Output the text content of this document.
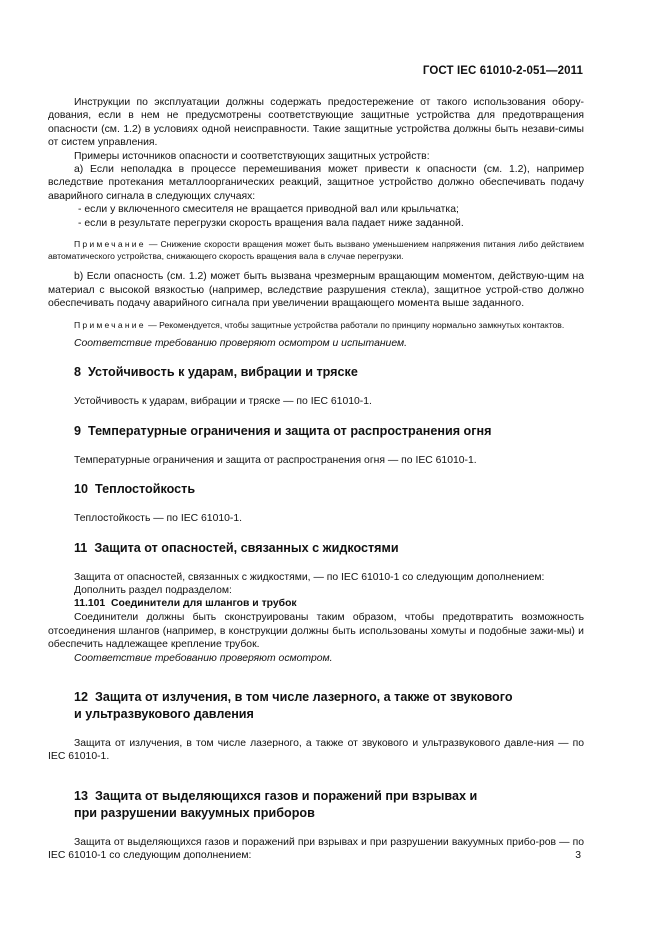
ГОСТ IEC 61010-2-051—2011

Инструкции по эксплуатации должны содержать предостережение от такого использования обору-дования, если в нем не предусмотрены соответствующие защитные устройства для предотвращения опасности (см. 1.2) в условиях одной неисправности. Такие защитные устройства должны быть незави-симы от систем управления.

Примеры источников опасности и соответствующих защитных устройств:

а) Если неполадка в процессе перемешивания может привести к опасности (см. 1.2), например вследствие протекания металлоорганических реакций, защитное устройство должно обеспечивать подачу аварийного сигнала в следующих случаях:

- если у включенного смесителя не вращается приводной вал или крыльчатка;

- если в результате перегрузки скорость вращения вала падает ниже заданной.

Примечание — Снижение скорости вращения может быть вызвано уменьшением напряжения питания либо действием автоматического устройства, снижающего скорость вращения вала в случае перегрузки.

b) Если опасность (см. 1.2) может быть вызвана чрезмерным вращающим моментом, действую-щим на материал с высокой вязкостью (например, вследствие разрушения стекла), защитное устрой-ство должно обеспечивать подачу аварийного сигнала при увеличении вращающего момента выше заданного.

Примечание — Рекомендуется, чтобы защитные устройства работали по принципу нормально замкнутых контактов.

Соответствие требованию проверяют осмотром и испытанием.

8 Устойчивость к ударам, вибрации и тряске

Устойчивость к ударам, вибрации и тряске — по IEC 61010-1.

9 Температурные ограничения и защита от распространения огня

Температурные ограничения и защита от распространения огня — по IEC 61010-1.

10 Теплостойкость

Теплостойкость — по IEC 61010-1.

11 Защита от опасностей, связанных с жидкостями

Защита от опасностей, связанных с жидкостями, — по IEC 61010-1 со следующим дополнением:

Дополнить раздел подразделом:

11.101 Соединители для шлангов и трубок

Соединители должны быть сконструированы таким образом, чтобы предотвратить возможность отсоединения шлангов (например, в конструкции должны быть использованы хомуты и подобные зажи-мы) и обеспечить надлежащее крепление трубок.

Соответствие требованию проверяют осмотром.

12 Защита от излучения, в том числе лазерного, а также от звукового
и ультразвукового давления

Защита от излучения, в том числе лазерного, а также от звукового и ультразвукового давле-ния — по IEC 61010-1.

13 Защита от выделяющихся газов и поражений при взрывах и
при разрушении вакуумных приборов

Защита от выделяющихся газов и поражений при взрывах и при разрушении вакуумных прибо-ров — по IEC 61010-1 со следующим дополнением:	3
